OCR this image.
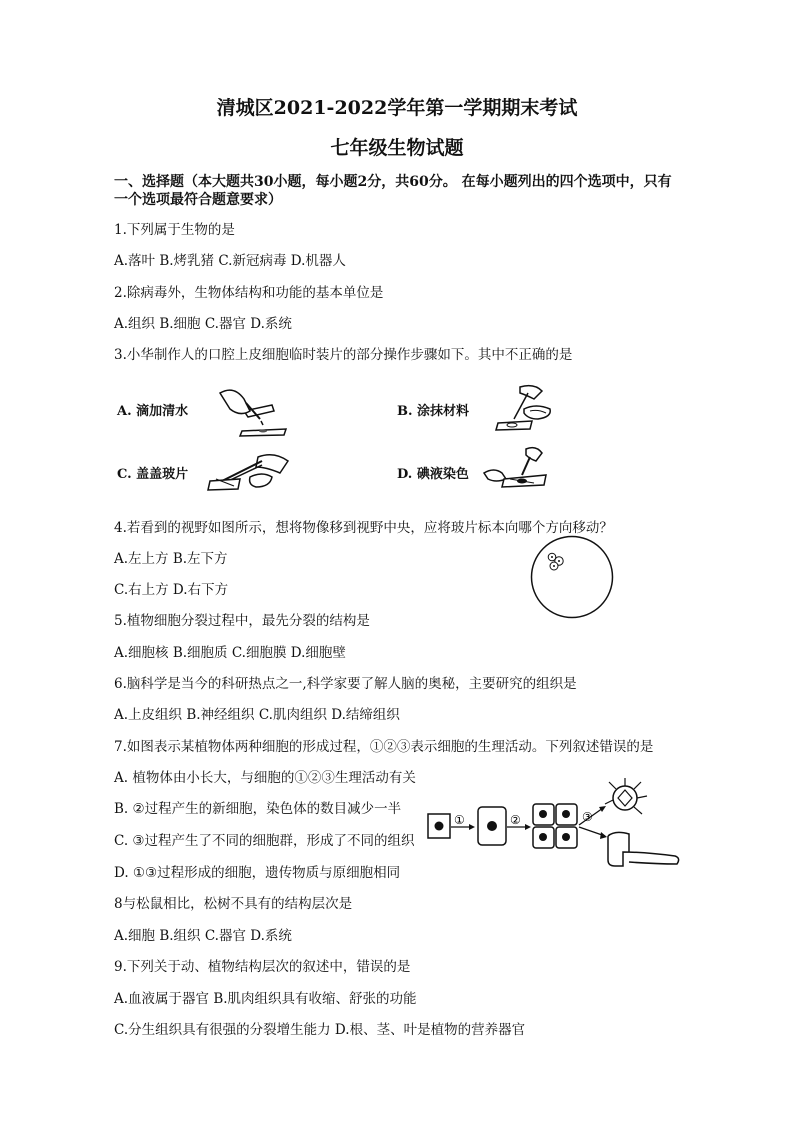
清城区2021-2022学年第一学期期末考试
七年级生物试题
一、选择题（本大题共30小题，每小题2分，共60分。 在每小题列出的四个选项中，只有
一个选项最符合题意要求）
1.下列属于生物的是
A.落叶 B.烤乳猪 C.新冠病毒 D.机器人
2.除病毒外，生物体结构和功能的基本单位是
A.组织 B.细胞 C.器官 D.系统
3.小华制作人的口腔上皮细胞临时装片的部分操作步骤如下。其中不正确的是
A. 滴加清水	B. 涂抹材料
C. 盖盖玻片	D. 碘液染色
4.若看到的视野如图所示，想将物像移到视野中央，应将玻片标本向哪个方向移动？
A.左上方 B.左下方
C.右上方 D.右下方
5.植物细胞分裂过程中，最先分裂的结构是
A.细胞核 B.细胞质 C.细胞膜 D.细胞壁
6.脑科学是当今的科研热点之一,科学家要了解人脑的奥秘，主要研究的组织是
A.上皮组织 B.神经组织 C.肌肉组织 D.结缔组织
7.如图表示某植物体两种细胞的形成过程，①②③表示细胞的生理活动。下列叙述错误的是
A. 植物体由小长大，与细胞的①②③生理活动有关
B. ②过程产生的新细胞，染色体的数目减少一半
C. ③过程产生了不同的细胞群，形成了不同的组织
D. ①③过程形成的细胞，遗传物质与原细胞相同
①	②	③
8与松鼠相比，松树不具有的结构层次是
A.细胞 B.组织 C.器官 D.系统
9.下列关于动、植物结构层次的叙述中，错误的是
A.血液属于器官 B.肌肉组织具有收缩、舒张的功能
C.分生组织具有很强的分裂增生能力 D.根、茎、叶是植物的营养器官
